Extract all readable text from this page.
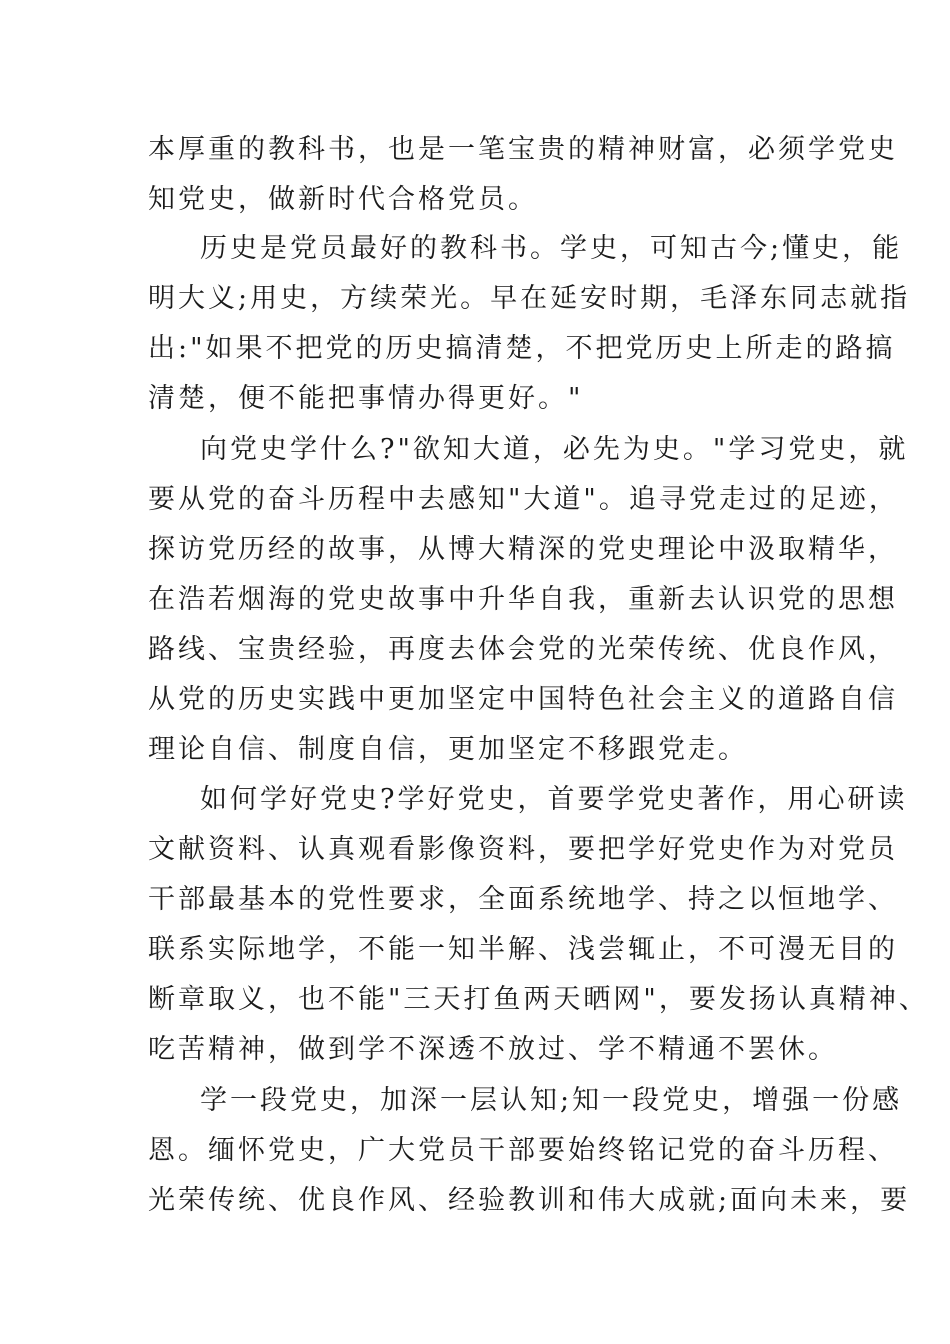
本厚重的教科书，也是一笔宝贵的精神财富，必须学党史
知党史，做新时代合格党员。
历史是党员最好的教科书。学史，可知古今;懂史，能
明大义;用史，方续荣光。早在延安时期，毛泽东同志就指
出:"如果不把党的历史搞清楚，不把党历史上所走的路搞
清楚，便不能把事情办得更好。"
向党史学什么?"欲知大道，必先为史。"学习党史，就
要从党的奋斗历程中去感知"大道"。追寻党走过的足迹，
探访党历经的故事，从博大精深的党史理论中汲取精华，
在浩若烟海的党史故事中升华自我，重新去认识党的思想
路线、宝贵经验，再度去体会党的光荣传统、优良作风，
从党的历史实践中更加坚定中国特色社会主义的道路自信
理论自信、制度自信，更加坚定不移跟党走。
如何学好党史?学好党史，首要学党史著作，用心研读
文献资料、认真观看影像资料，要把学好党史作为对党员
干部最基本的党性要求，全面系统地学、持之以恒地学、
联系实际地学，不能一知半解、浅尝辄止，不可漫无目的
断章取义，也不能"三天打鱼两天晒网"，要发扬认真精神、
吃苦精神，做到学不深透不放过、学不精通不罢休。
学一段党史，加深一层认知;知一段党史，增强一份感
恩。缅怀党史，广大党员干部要始终铭记党的奋斗历程、
光荣传统、优良作风、经验教训和伟大成就;面向未来，要
